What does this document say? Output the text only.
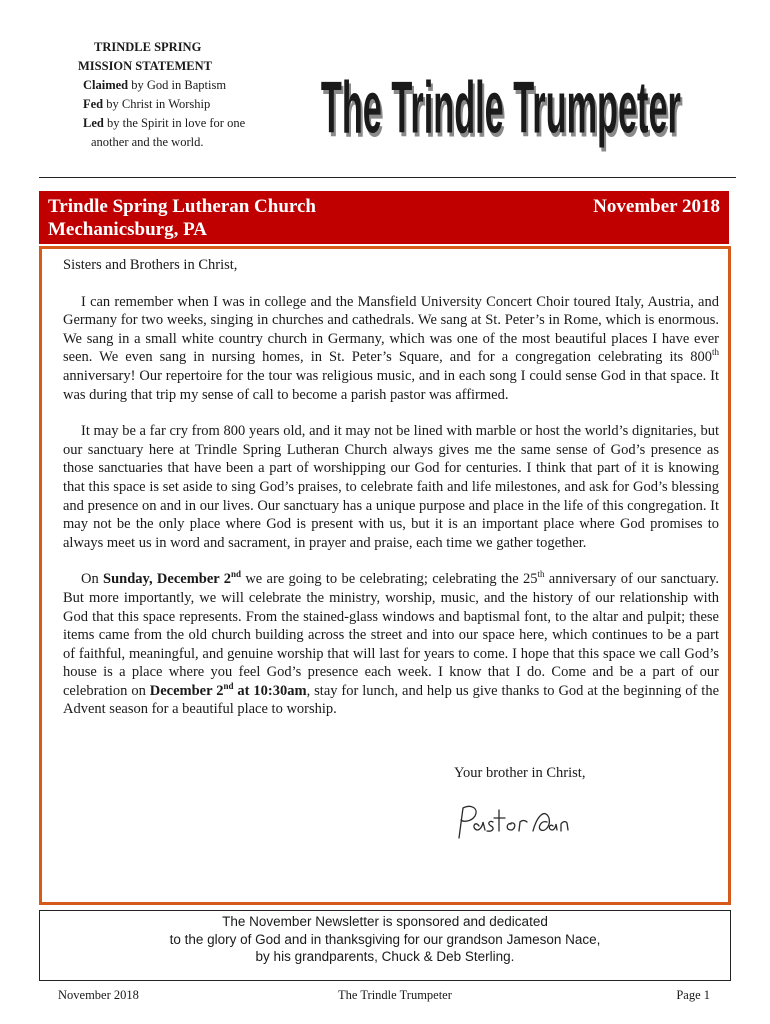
TRINDLE SPRING
MISSION STATEMENT
Claimed by God in Baptism
Fed by Christ in Worship
Led by the Spirit in love for one
another and the world.	The Trindle Trumpeter
The Trindle Trumpeter
Trindle Spring Lutheran Church
Mechanicsburg, PA
November 2018

Sisters and Brothers in Christ,

I can remember when I was in college and the Mansfield University Concert Choir toured Italy, Austria, and Germany for two weeks, singing in churches and cathedrals. We sang at St. Peter’s in Rome, which is enormous. We sang in a small white country church in Germany, which was one of the most beautiful places I have ever seen. We even sang in nursing homes, in St. Peter’s Square, and for a congregation celebrating its 800th anniversary! Our repertoire for the tour was religious music, and in each song I could sense God in that space. It was during that trip my sense of call to become a parish pastor was affirmed.

It may be a far cry from 800 years old, and it may not be lined with marble or host the world’s dignitaries, but our sanctuary here at Trindle Spring Lutheran Church always gives me the same sense of God’s presence as those sanctuaries that have been a part of worshipping our God for centuries. I think that part of it is knowing that this space is set aside to sing God’s praises, to celebrate faith and life milestones, and ask for God’s blessing and presence on and in our lives. Our sanctuary has a unique purpose and place in the life of this congregation. It may not be the only place where God is present with us, but it is an important place where God promises to always meet us in word and sacrament, in prayer and praise, each time we gather together.

On Sunday, December 2nd we are going to be celebrating; celebrating the 25th anniversary of our sanctuary. But more importantly, we will celebrate the ministry, worship, music, and the history of our relationship with God that this space represents. From the stained-glass windows and baptismal font, to the altar and pulpit; these items came from the old church building across the street and into our space here, which continues to be a part of faithful, meaningful, and genuine worship that will last for years to come. I hope that this space we call God’s house is a place where you feel God’s presence each week. I know that I do. Come and be a part of our celebration on December 2nd at 10:30am, stay for lunch, and help us give thanks to God at the beginning of the Advent season for a beautiful place to worship.

Your brother in Christ,
The November Newsletter is sponsored and dedicated
to the glory of God and in thanksgiving for our grandson Jameson Nace,
by his grandparents, Chuck & Deb Sterling.
November 2018	The Trindle Trumpeter	Page 1
